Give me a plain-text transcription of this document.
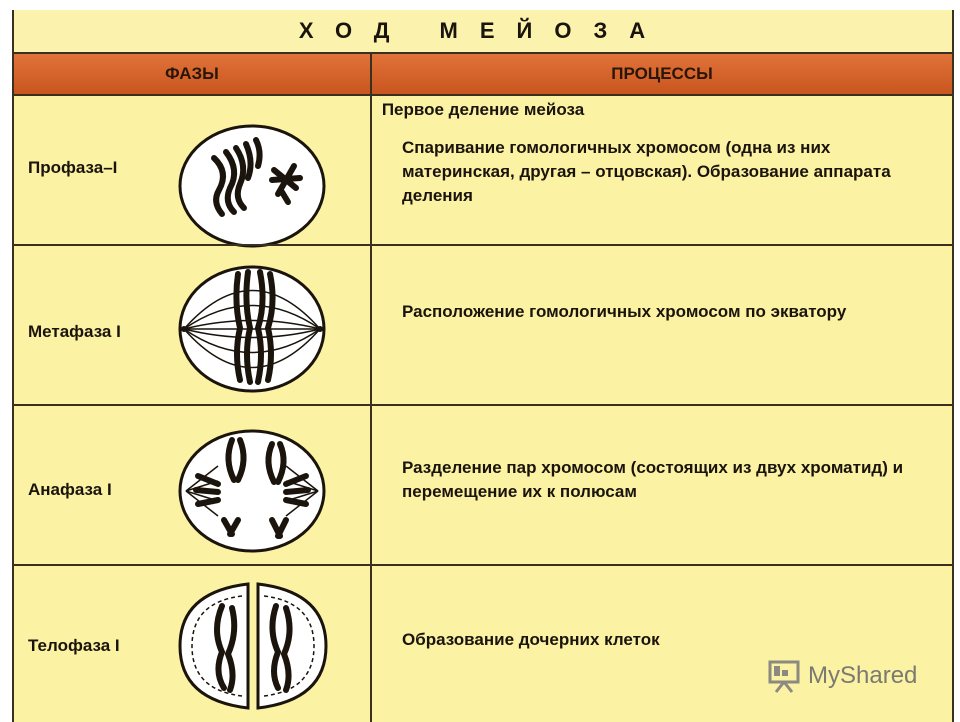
ХОД МЕЙОЗА
ФАЗЫ	ПРОЦЕССЫ
Первое деление мейоза
Профаза–I
Спаривание гомологичных хромосом (одна из них материнская, другая – отцовская). Образование аппарата деления
Метафаза I
Расположение гомологичных хромосом по экватору
Анафаза I
Разделение пар хромосом (состоящих из двух хроматид) и перемещение их к полюсам
Телофаза I	Образование дочерних клеток
MyShared
